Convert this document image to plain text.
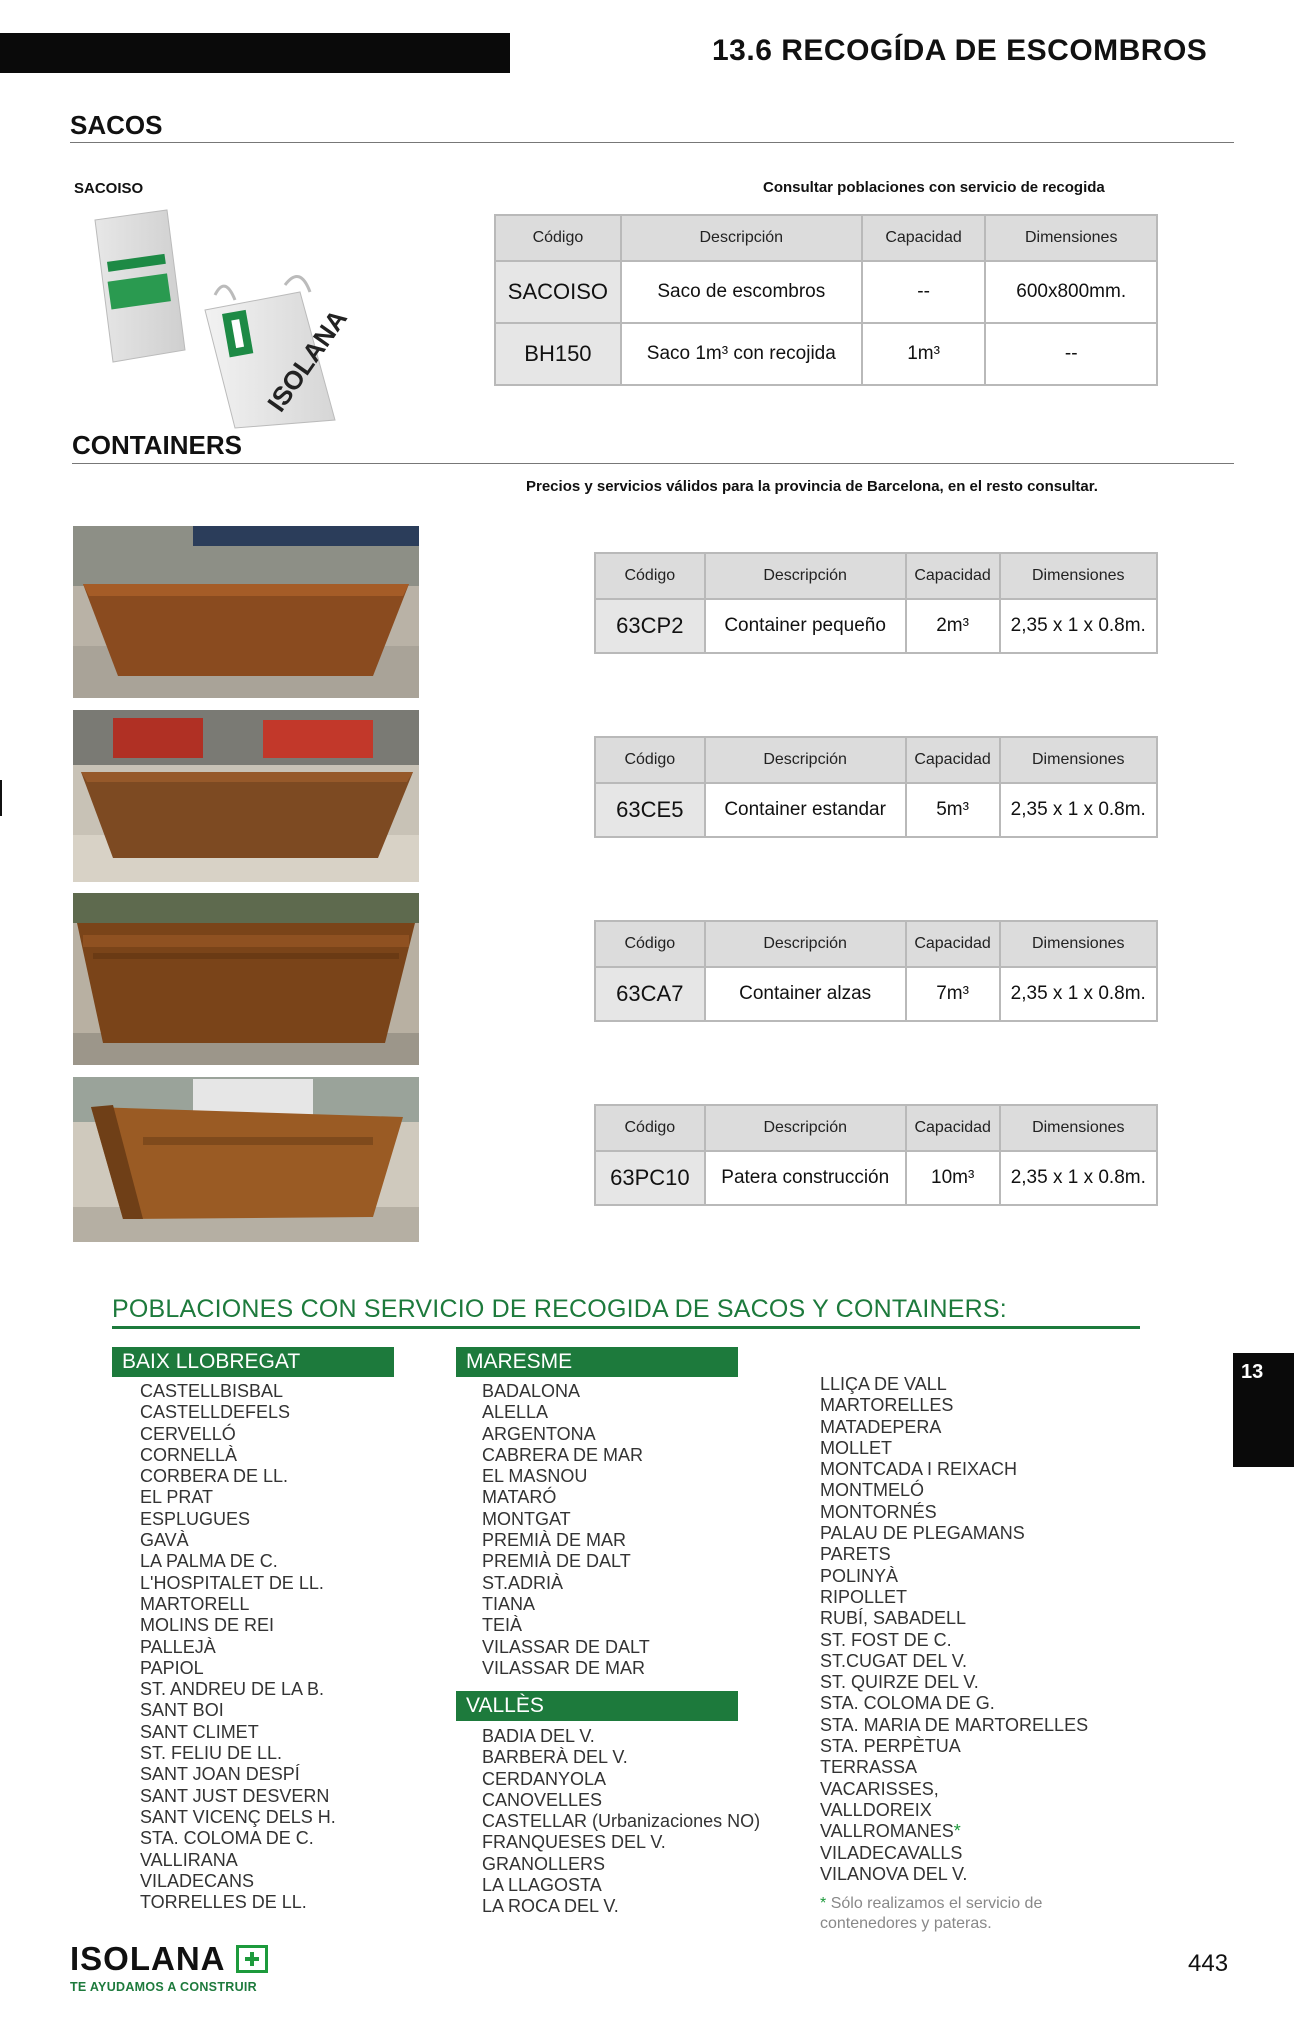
13.6 RECOGÍDA DE ESCOMBROS
SACOS
SACOISO	Consultar poblaciones con servicio de recogida
ISOLANA
Código	Descripción	Capacidad	Dimensiones
SACOISO	Saco de escombros	--	600x800mm.
BH150	Saco 1m³ con recojida	1m³	--
CONTAINERS
Precios y servicios válidos para la provincia de Barcelona, en el resto consultar.
Código	Descripción	Capacidad	Dimensiones
63CP2	Container pequeño	2m³	2,35 x 1 x 0.8m.
Código	Descripción	Capacidad	Dimensiones
63CE5	Container estandar	5m³	2,35 x 1 x 0.8m.
Código	Descripción	Capacidad	Dimensiones
63CA7	Container alzas	7m³	2,35 x 1 x 0.8m.
Código	Descripción	Capacidad	Dimensiones
63PC10	Patera construcción	10m³	2,35 x 1 x 0.8m.
POBLACIONES CON SERVICIO DE RECOGIDA DE SACOS Y CONTAINERS:
BAIX LLOBREGAT
CASTELLBISBAL
CASTELLDEFELS
CERVELLÓ
CORNELLÀ
CORBERA DE LL.
EL PRAT
ESPLUGUES
GAVÀ
LA PALMA DE C.
L'HOSPITALET DE LL.
MARTORELL
MOLINS DE REI
PALLEJÀ
PAPIOL
ST. ANDREU DE LA B.
SANT BOI
SANT CLIMET
ST. FELIU DE LL.
SANT JOAN DESPÍ
SANT JUST DESVERN
SANT VICENÇ DELS H.
STA. COLOMA DE C.
VALLIRANA
VILADECANS
TORRELLES DE LL.
MARESME
BADALONA
ALELLA
ARGENTONA
CABRERA DE MAR
EL MASNOU
MATARÓ
MONTGAT
PREMIÀ DE MAR
PREMIÀ DE DALT
ST.ADRIÀ
TIANA
TEIÀ
VILASSAR DE DALT
VILASSAR DE MAR
VALLÈS
BADIA DEL V.
BARBERÀ DEL V.
CERDANYOLA
CANOVELLES
CASTELLAR (Urbanizaciones NO)
FRANQUESES DEL V.
GRANOLLERS
LA LLAGOSTA
LA ROCA DEL V.
LLIÇA DE VALL
MARTORELLES
MATADEPERA
MOLLET
MONTCADA I REIXACH
MONTMELÓ
MONTORNÉS
PALAU DE PLEGAMANS
PARETS
POLINYÀ
RIPOLLET
RUBÍ, SABADELL
ST. FOST DE C.
ST.CUGAT DEL V.
ST. QUIRZE DEL V.
STA. COLOMA DE G.
STA. MARIA DE MARTORELLES
STA. PERPÈTUA
TERRASSA
VACARISSES,
VALLDOREIX
VALLROMANES*
VILADECAVALLS
VILANOVA DEL V.
* Sólo realizamos el servicio de contenedores y pateras.
13
ISOLANA
TE AYUDAMOS A CONSTRUIR
443
